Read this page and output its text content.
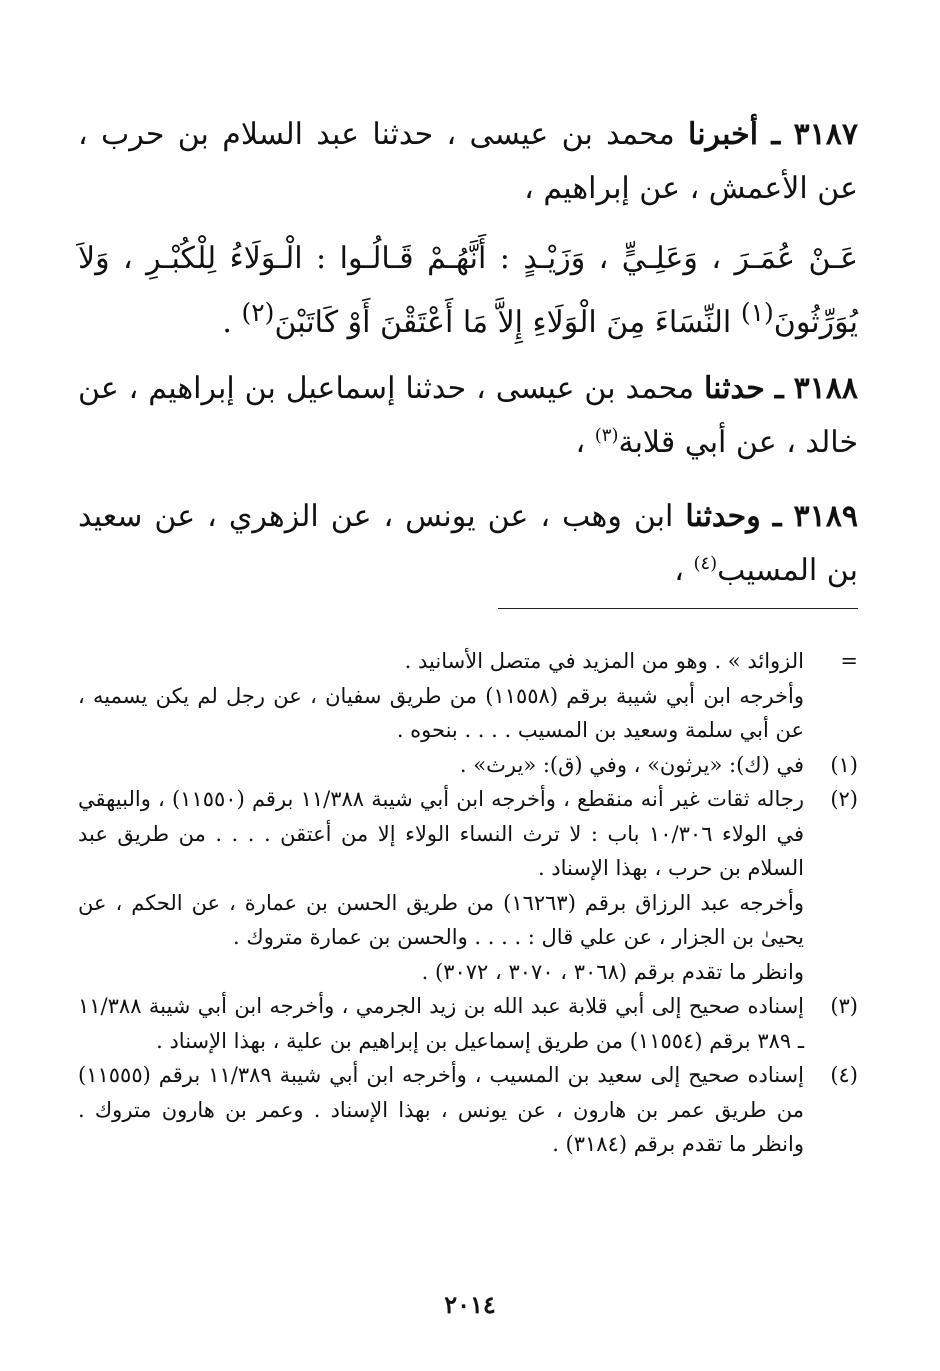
٣١٨٧ ـ أخبرنا محمد بن عيسى ، حدثنا عبد السلام بن حرب ، عن الأعمش ، عن إبراهيم ،
عَـنْ عُمَـرَ ، وَعَلِـيٍّ ، وَزَيْـدٍ : أَنَّهُـمْ قَـالُـوا : الْـوَلَاءُ لِلْكُبْـرِ ، وَلاَ يُوَرِّثُونَ$^{(١)}$ النِّسَاءَ مِنَ الْوَلَاءِ إِلاَّ مَا أَعْتَقْنَ أَوْ كَاتَبْنَ$^{(٢)}$ .
٣١٨٨ ـ حدثنا محمد بن عيسى ، حدثنا إسماعيل بن إبراهيم ، عن خالد ، عن أبي قلابة$^{(٣)}$ ،
٣١٨٩ ـ وحدثنا ابن وهب ، عن يونس ، عن الزهري ، عن سعيد بن المسيب$^{(٤)}$ ،
=

الزوائد » . وهو من المزيد في متصل الأسانيد .

وأخرجه ابن أبي شيبة برقم (١١٥٥٨) من طريق سفيان ، عن رجل لم يكن يسميه ، عن أبي سلمة وسعيد بن المسيب . . . . بنحوه .

(١)

في (ك): «يرثون» ، وفي (ق): «يرث» .

(٢)

رجاله ثقات غير أنه منقطع ، وأخرجه ابن أبي شيبة ١١/٣٨٨ برقم (١١٥٥٠) ، والبيهقي في الولاء ١٠/٣٠٦ باب : لا ترث النساء الولاء إلا من أعتقن . . . . من طريق عبد السلام بن حرب ، بهذا الإسناد .

وأخرجه عبد الرزاق برقم (١٦٢٦٣) من طريق الحسن بن عمارة ، عن الحكم ، عن يحيىٰ بن الجزار ، عن علي قال : . . . . والحسن بن عمارة متروك .

وانظر ما تقدم برقم (٣٠٦٨ ، ٣٠٧٠ ، ٣٠٧٢) .

(٣)

إسناده صحيح إلى أبي قلابة عبد الله بن زيد الجرمي ، وأخرجه ابن أبي شيبة ١١/٣٨٨ ـ ٣٨٩ برقم (١١٥٥٤) من طريق إسماعيل بن إبراهيم بن علية ، بهذا الإسناد .

(٤)

إسناده صحيح إلى سعيد بن المسيب ، وأخرجه ابن أبي شيبة ١١/٣٨٩ برقم (١١٥٥٥) من طريق عمر بن هارون ، عن يونس ، بهذا الإسناد . وعمر بن هارون متروك . وانظر ما تقدم برقم (٣١٨٤) .

٢٠١٤
